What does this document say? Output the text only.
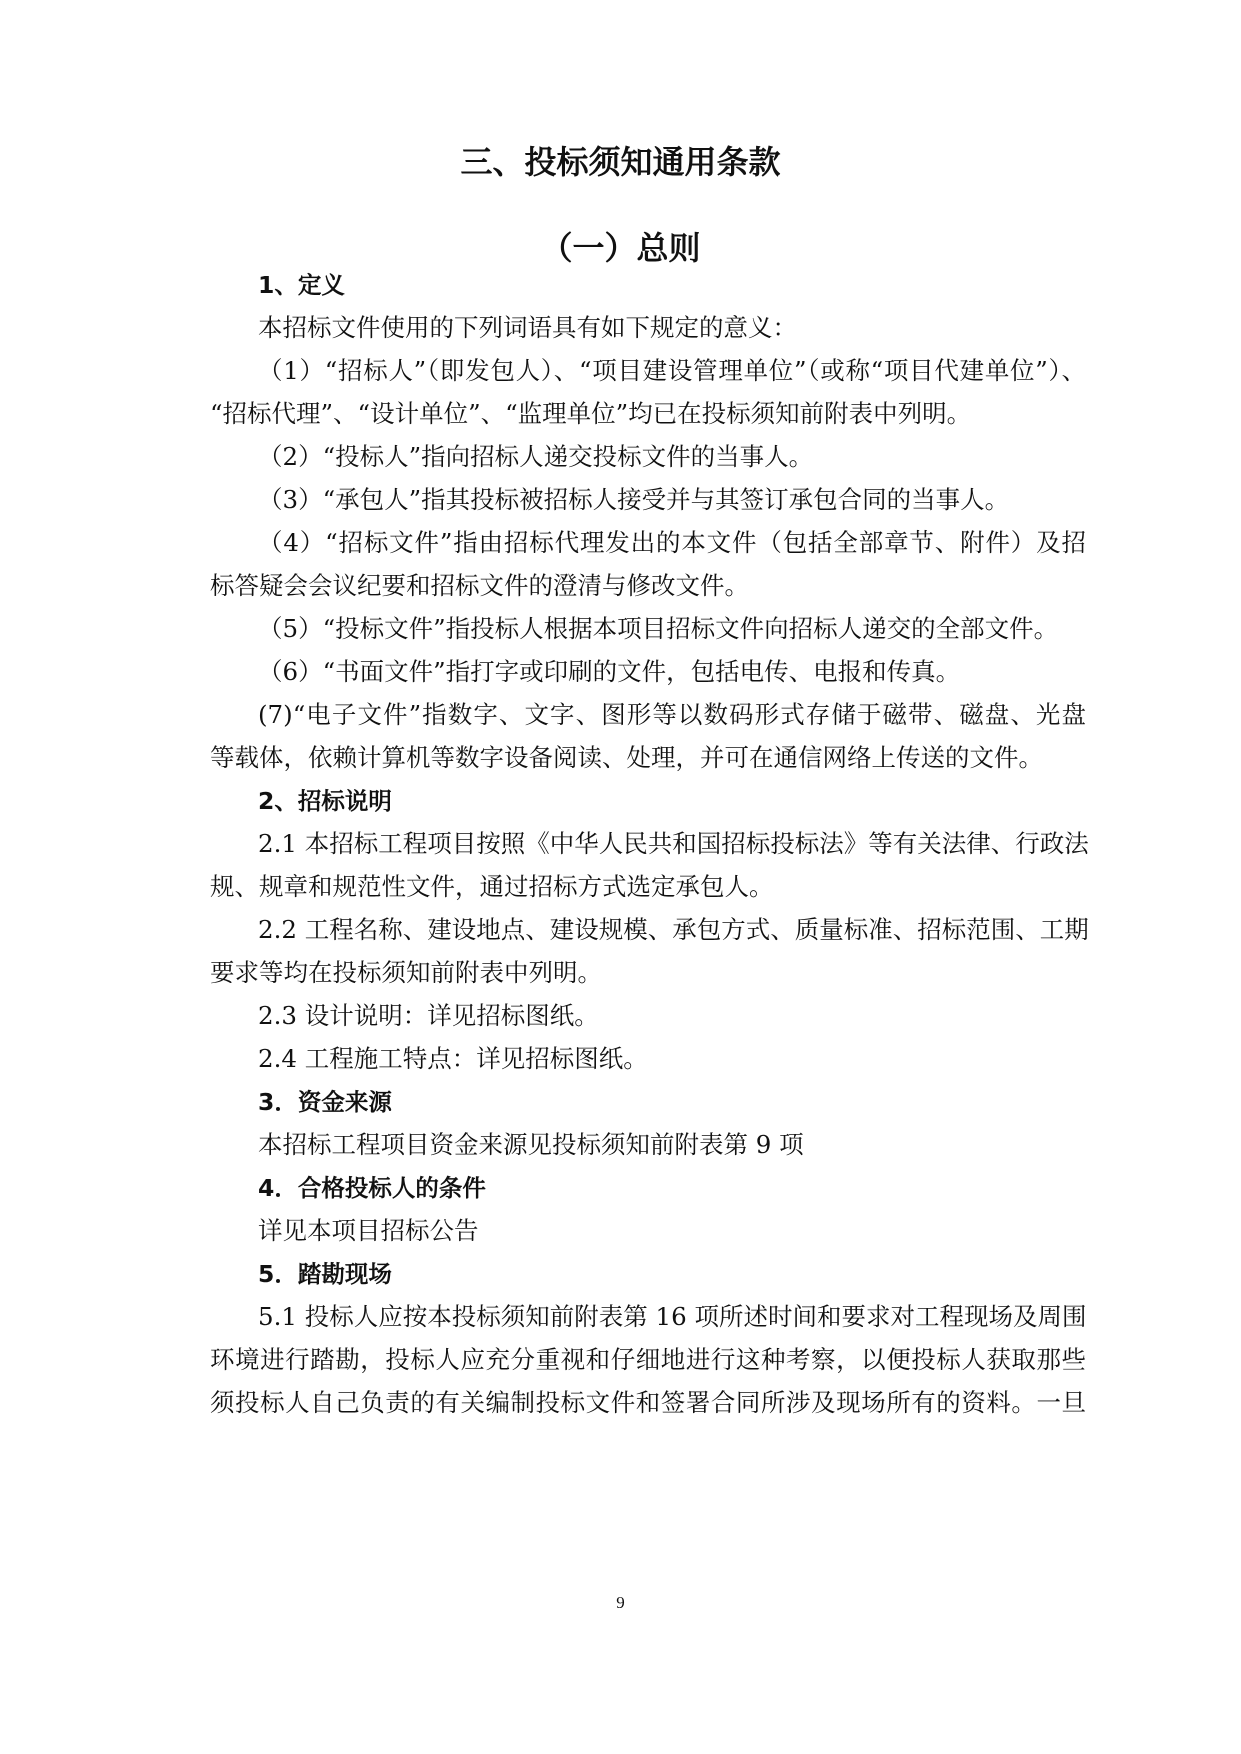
三、投标须知通用条款
（一）总则

1、定义

本招标文件使用的下列词语具有如下规定的意义：

（1）“招标人”（即发包人）、“项目建设管理单位”（或称“项目代建单位”）、

“招标代理”、“设计单位”、“监理单位”均已在投标须知前附表中列明。

（2）“投标人”指向招标人递交投标文件的当事人。

（3）“承包人”指其投标被招标人接受并与其签订承包合同的当事人。

（4）“招标文件”指由招标代理发出的本文件（包括全部章节、附件）及招

标答疑会会议纪要和招标文件的澄清与修改文件。

（5）“投标文件”指投标人根据本项目招标文件向招标人递交的全部文件。

（6）“书面文件”指打字或印刷的文件，包括电传、电报和传真。

(7)“电子文件”指数字、文字、图形等以数码形式存储于磁带、磁盘、光盘

等载体，依赖计算机等数字设备阅读、处理，并可在通信网络上传送的文件。

2、招标说明

2.1 本招标工程项目按照《中华人民共和国招标投标法》等有关法律、行政法

规、规章和规范性文件，通过招标方式选定承包人。

2.2 工程名称、建设地点、建设规模、承包方式、质量标准、招标范围、工期

要求等均在投标须知前附表中列明。

2.3 设计说明：详见招标图纸。

2.4 工程施工特点：详见招标图纸。

3．资金来源

本招标工程项目资金来源见投标须知前附表第 9 项

4．合格投标人的条件

详见本项目招标公告

5．踏勘现场

5.1 投标人应按本投标须知前附表第 16 项所述时间和要求对工程现场及周围

环境进行踏勘，投标人应充分重视和仔细地进行这种考察，以便投标人获取那些

须投标人自己负责的有关编制投标文件和签署合同所涉及现场所有的资料。一旦

9
